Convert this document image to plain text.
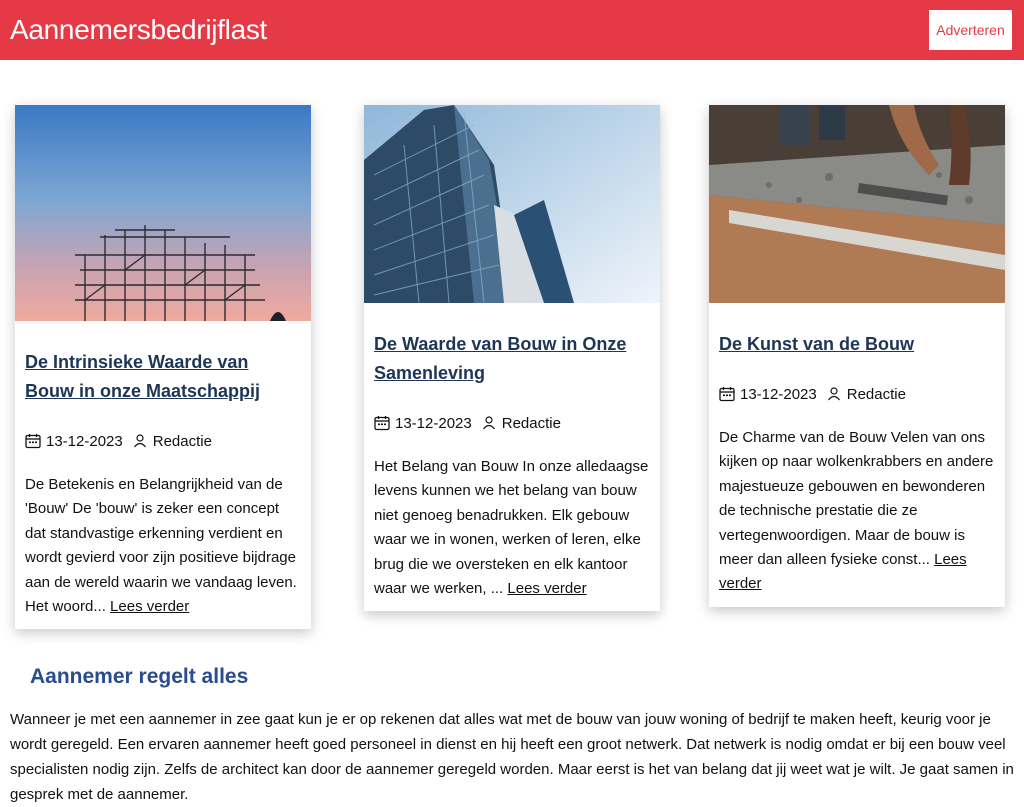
Aannemersbedrijflast	Adverteren
De Intrinsieke Waarde van Bouw in onze Maatschappij
13-12-2023 Redactie

De Betekenis en Belangrijkheid van de 'Bouw' De 'bouw' is zeker een concept dat standvastige erkenning verdient en wordt gevierd voor zijn positieve bijdrage aan de wereld waarin we vandaag leven. Het woord... Lees verder

De Waarde van Bouw in Onze Samenleving
13-12-2023 Redactie

Het Belang van Bouw In onze alledaagse levens kunnen we het belang van bouw niet genoeg benadrukken. Elk gebouw waar we in wonen, werken of leren, elke brug die we oversteken en elk kantoor waar we werken, ... Lees verder

De Kunst van de Bouw
13-12-2023 Redactie

De Charme van de Bouw Velen van ons kijken op naar wolkenkrabbers en andere majestueuze gebouwen en bewonderen de technische prestatie die ze vertegenwoordigen. Maar de bouw is meer dan alleen fysieke const... Lees verder

Aannemer regelt alles

Wanneer je met een aannemer in zee gaat kun je er op rekenen dat alles wat met de bouw van jouw woning of bedrijf te maken heeft, keurig voor je wordt geregeld. Een ervaren aannemer heeft goed personeel in dienst en hij heeft een groot netwerk. Dat netwerk is nodig omdat er bij een bouw veel specialisten nodig zijn. Zelfs de architect kan door de aannemer geregeld worden. Maar eerst is het van belang dat jij weet wat je wilt. Je gaat samen in gesprek met de aannemer.
